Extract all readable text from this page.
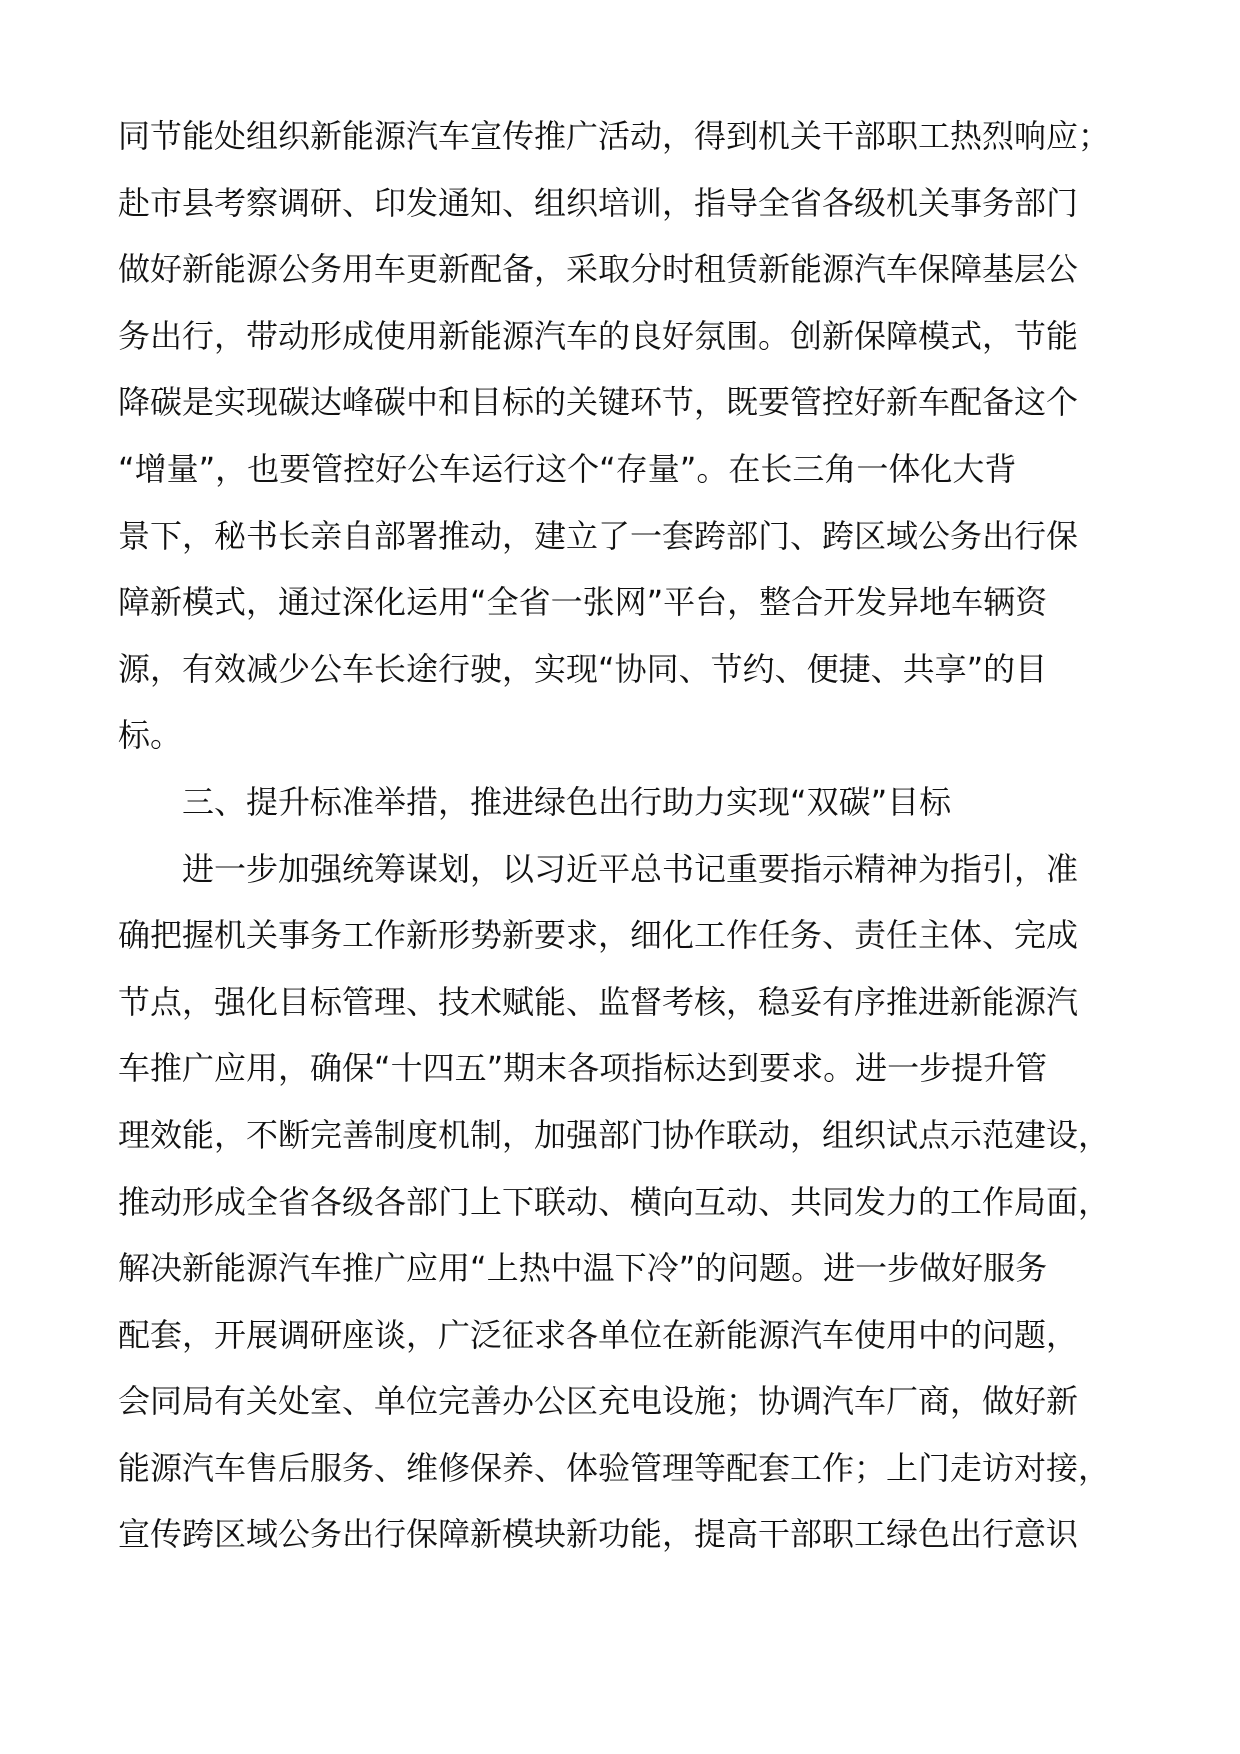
同节能处组织新能源汽车宣传推广活动，得到机关干部职工热烈响应；
赴市县考察调研、印发通知、组织培训，指导全省各级机关事务部门
做好新能源公务用车更新配备，采取分时租赁新能源汽车保障基层公
务出行，带动形成使用新能源汽车的良好氛围。创新保障模式，节能
降碳是实现碳达峰碳中和目标的关键环节，既要管控好新车配备这个
“增量”，也要管控好公车运行这个“存量”。在长三角一体化大背
景下，秘书长亲自部署推动，建立了一套跨部门、跨区域公务出行保
障新模式，通过深化运用“全省一张网”平台，整合开发异地车辆资
源，有效减少公车长途行驶，实现“协同、节约、便捷、共享”的目
标。
三、提升标准举措，推进绿色出行助力实现“双碳”目标
进一步加强统筹谋划，以习近平总书记重要指示精神为指引，准
确把握机关事务工作新形势新要求，细化工作任务、责任主体、完成
节点，强化目标管理、技术赋能、监督考核，稳妥有序推进新能源汽
车推广应用，确保“十四五”期末各项指标达到要求。进一步提升管
理效能，不断完善制度机制，加强部门协作联动，组织试点示范建设，
推动形成全省各级各部门上下联动、横向互动、共同发力的工作局面，
解决新能源汽车推广应用“上热中温下冷”的问题。进一步做好服务
配套，开展调研座谈，广泛征求各单位在新能源汽车使用中的问题，
会同局有关处室、单位完善办公区充电设施；协调汽车厂商，做好新
能源汽车售后服务、维修保养、体验管理等配套工作；上门走访对接，
宣传跨区域公务出行保障新模块新功能，提高干部职工绿色出行意识
